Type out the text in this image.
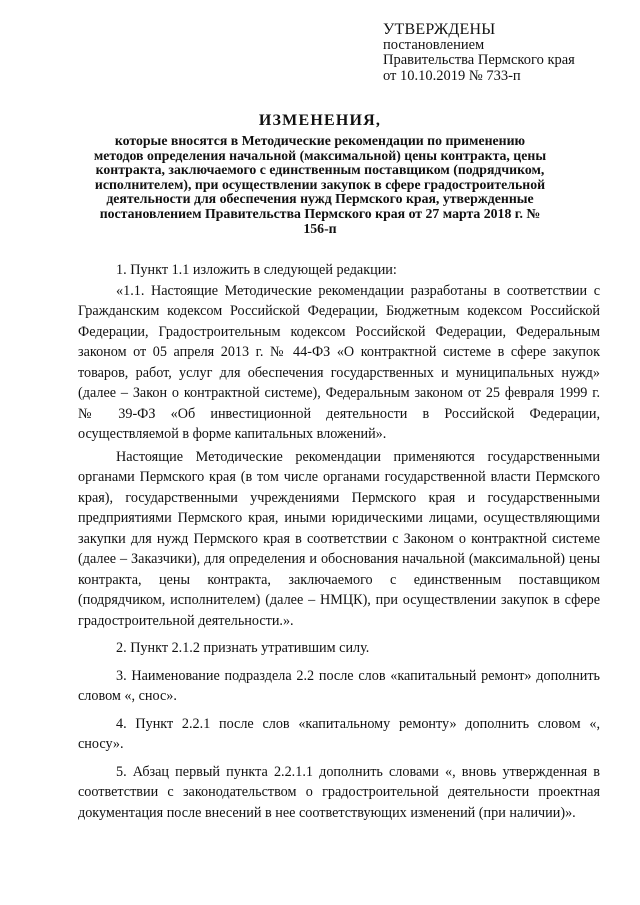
УТВЕРЖДЕНЫ
постановлением
Правительства Пермского края
от 10.10.2019 № 733-п
ИЗМЕНЕНИЯ,
которые вносятся в Методические рекомендации по применению методов определения начальной (максимальной) цены контракта, цены контракта, заключаемого с единственным поставщиком (подрядчиком, исполнителем), при осуществлении закупок в сфере градостроительной деятельности для обеспечения нужд Пермского края, утвержденные постановлением Правительства Пермского края от 27 марта 2018 г. № 156-п

1. Пункт 1.1 изложить в следующей редакции:

«1.1. Настоящие Методические рекомендации разработаны в соответствии с Гражданским кодексом Российской Федерации, Бюджетным кодексом Российской Федерации, Градостроительным кодексом Российской Федерации, Федеральным законом от 05 апреля 2013 г. № 44-ФЗ «О контрактной системе в сфере закупок товаров, работ, услуг для обеспечения государственных и муниципальных нужд» (далее – Закон о контрактной системе), Федеральным законом от 25 февраля 1999 г. № 39-ФЗ «Об инвестиционной деятельности в Российской Федерации, осуществляемой в форме капитальных вложений».

Настоящие Методические рекомендации применяются государственными органами Пермского края (в том числе органами государственной власти Пермского края), государственными учреждениями Пермского края и государственными предприятиями Пермского края, иными юридическими лицами, осуществляющими закупки для нужд Пермского края в соответствии с Законом о контрактной системе (далее – Заказчики), для определения и обоснования начальной (максимальной) цены контракта, цены контракта, заключаемого с единственным поставщиком (подрядчиком, исполнителем) (далее – НМЦК), при осуществлении закупок в сфере градостроительной деятельности.».

2. Пункт 2.1.2 признать утратившим силу.

3. Наименование подраздела 2.2 после слов «капитальный ремонт» дополнить словом «, снос».

4. Пункт 2.2.1 после слов «капитальному ремонту» дополнить словом «, сносу».

5. Абзац первый пункта 2.2.1.1 дополнить словами «, вновь утвержденная в соответствии с законодательством о градостроительной деятельности проектная документация после внесений в нее соответствующих изменений (при наличии)».
